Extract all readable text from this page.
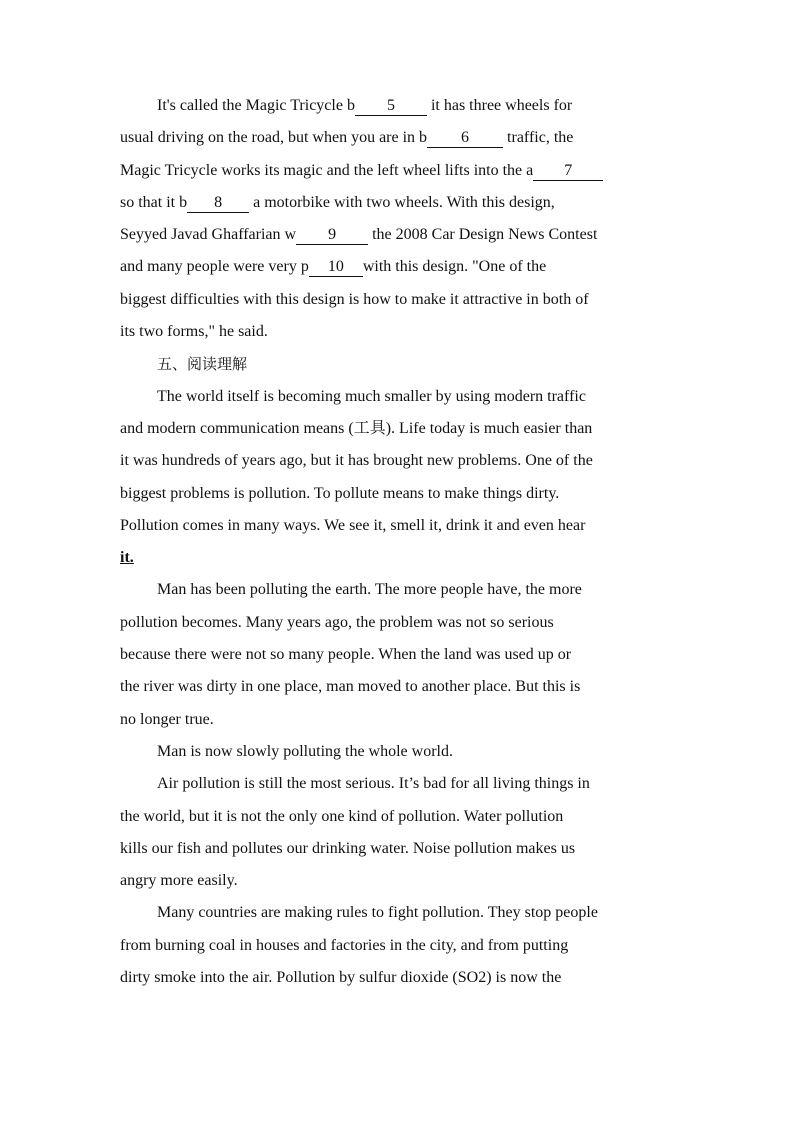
It's called the Magic Tricycle b 5 it has three wheels for
usual driving on the road, but when you are in b 6 traffic, the
Magic Tricycle works its magic and the left wheel lifts into the a 7
so that it b 8 a motorbike with two wheels. With this design,
Seyyed Javad Ghaffarian w 9 the 2008 Car Design News Contest
and many people were very p 10 with this design. "One of the
biggest difficulties with this design is how to make it attractive in both of
its two forms," he said.
五、阅读理解
The world itself is becoming much smaller by using modern traffic
and modern communication means (工具). Life today is much easier than
it was hundreds of years ago, but it has brought new problems. One of the
biggest problems is pollution. To pollute means to make things dirty.
Pollution comes in many ways. We see it, smell it, drink it and even hear
it.
Man has been polluting the earth. The more people have, the more
pollution becomes. Many years ago, the problem was not so serious
because there were not so many people. When the land was used up or
the river was dirty in one place, man moved to another place. But this is
no longer true.
Man is now slowly polluting the whole world.
Air pollution is still the most serious. It’s bad for all living things in
the world, but it is not the only one kind of pollution. Water pollution
kills our fish and pollutes our drinking water. Noise pollution makes us
angry more easily.
Many countries are making rules to fight pollution. They stop people
from burning coal in houses and factories in the city, and from putting
dirty smoke into the air. Pollution by sulfur dioxide (SO2) is now the
